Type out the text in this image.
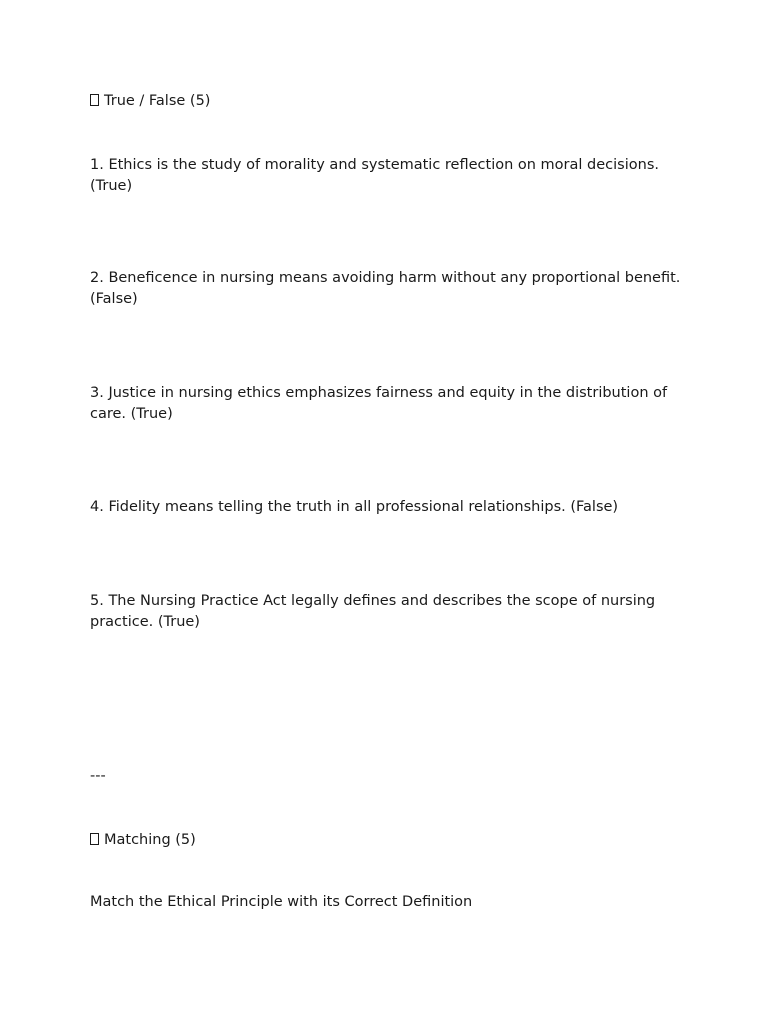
True / False (5)

1. Ethics is the study of morality and systematic reflection on moral decisions. (True)

2. Beneficence in nursing means avoiding harm without any proportional benefit. (False)

3. Justice in nursing ethics emphasizes fairness and equity in the distribution of care. (True)

4. Fidelity means telling the truth in all professional relationships. (False)

5. The Nursing Practice Act legally defines and describes the scope of nursing practice. (True)

---

Matching (5)

Match the Ethical Principle with its Correct Definition
